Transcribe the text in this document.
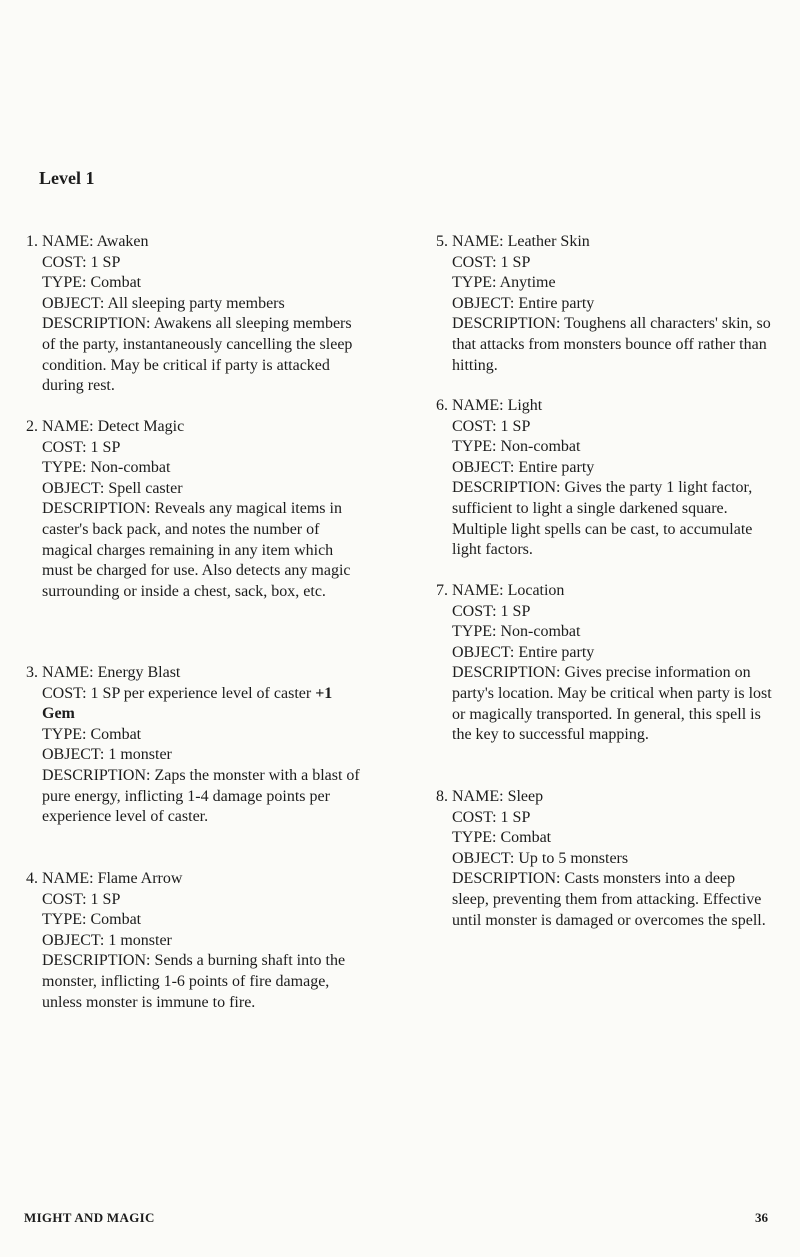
Level 1
1. NAME: Awaken
COST: 1 SP
TYPE: Combat
OBJECT: All sleeping party members
DESCRIPTION: Awakens all sleeping members of the party, instantaneously cancelling the sleep condition. May be critical if party is attacked during rest.
2. NAME: Detect Magic
COST: 1 SP
TYPE: Non-combat
OBJECT: Spell caster
DESCRIPTION: Reveals any magical items in caster's back pack, and notes the number of magical charges remaining in any item which must be charged for use. Also detects any magic surrounding or inside a chest, sack, box, etc.
3. NAME: Energy Blast
COST: 1 SP per experience level of caster +1 Gem
TYPE: Combat
OBJECT: 1 monster
DESCRIPTION: Zaps the monster with a blast of pure energy, inflicting 1-4 damage points per experience level of caster.
4. NAME: Flame Arrow
COST: 1 SP
TYPE: Combat
OBJECT: 1 monster
DESCRIPTION: Sends a burning shaft into the monster, inflicting 1-6 points of fire damage, unless monster is immune to fire.
5. NAME: Leather Skin
COST: 1 SP
TYPE: Anytime
OBJECT: Entire party
DESCRIPTION: Toughens all characters' skin, so that attacks from monsters bounce off rather than hitting.
6. NAME: Light
COST: 1 SP
TYPE: Non-combat
OBJECT: Entire party
DESCRIPTION: Gives the party 1 light factor, sufficient to light a single darkened square. Multiple light spells can be cast, to accumulate light factors.
7. NAME: Location
COST: 1 SP
TYPE: Non-combat
OBJECT: Entire party
DESCRIPTION: Gives precise information on party's location. May be critical when party is lost or magically transported. In general, this spell is the key to successful mapping.
8. NAME: Sleep
COST: 1 SP
TYPE: Combat
OBJECT: Up to 5 monsters
DESCRIPTION: Casts monsters into a deep sleep, preventing them from attacking. Effective until monster is damaged or overcomes the spell.
MIGHT AND MAGIC	36
